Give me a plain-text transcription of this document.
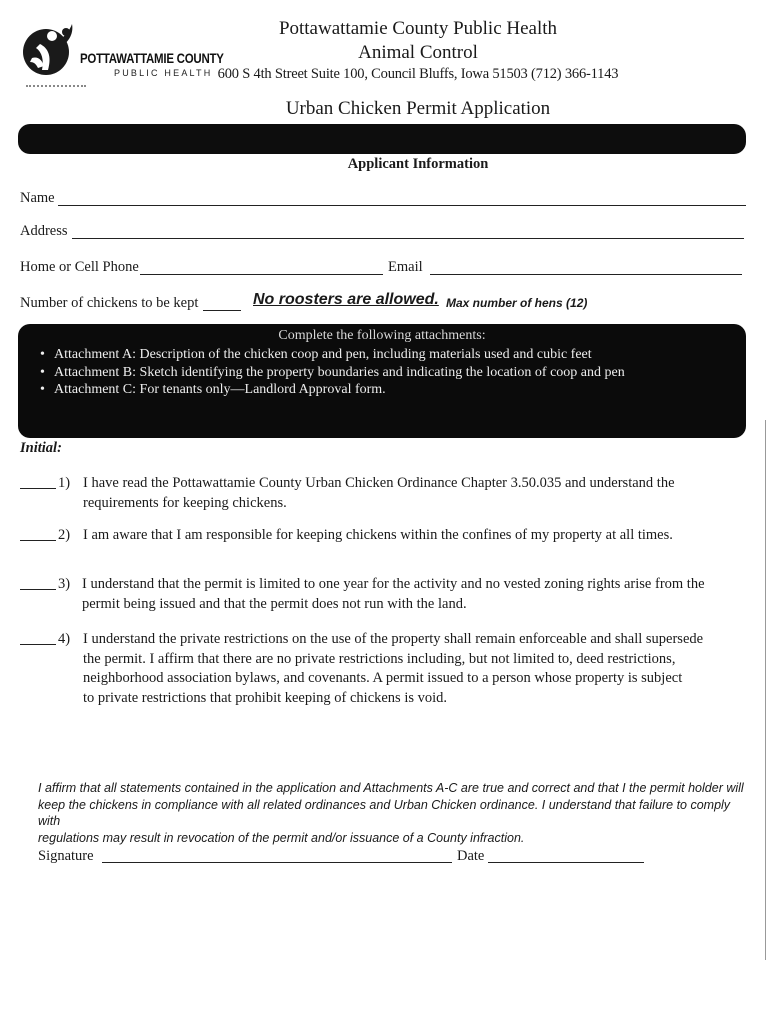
POTTAWATTAMIE COUNTY
PUBLIC HEALTH
Pottawattamie County Public Health
Animal Control
600 S 4th Street Suite 100, Council Bluffs, Iowa 51503 (712) 366-1143
Urban Chicken Permit Application
Applicant Information
Name
Address
Home or Cell Phone	Email
Number of chickens to be kept	No roosters are allowed. Max number of hens (12)
Complete the following attachments:
• Attachment A: Description of the chicken coop and pen, including materials used and cubic feet
• Attachment B: Sketch identifying the property boundaries and indicating the location of coop and pen
• Attachment C: For tenants only—Landlord Approval form.
Initial:
1) I have read the Pottawattamie County Urban Chicken Ordinance Chapter 3.50.035 and understand the
requirements for keeping chickens.
2) I am aware that I am responsible for keeping chickens within the confines of my property at all times.
3) I understand that the permit is limited to one year for the activity and no vested zoning rights arise from the
permit being issued and that the permit does not run with the land.
4) I understand the private restrictions on the use of the property shall remain enforceable and shall supersede
the permit. I affirm that there are no private restrictions including, but not limited to, deed restrictions,
neighborhood association bylaws, and covenants. A permit issued to a person whose property is subject
to private restrictions that prohibit keeping of chickens is void.
I affirm that all statements contained in the application and Attachments A-C are true and correct and that I the permit holder will
keep the chickens in compliance with all related ordinances and Urban Chicken ordinance. I understand that failure to comply with
regulations may result in revocation of the permit and/or issuance of a County infraction.
Signature	Date
